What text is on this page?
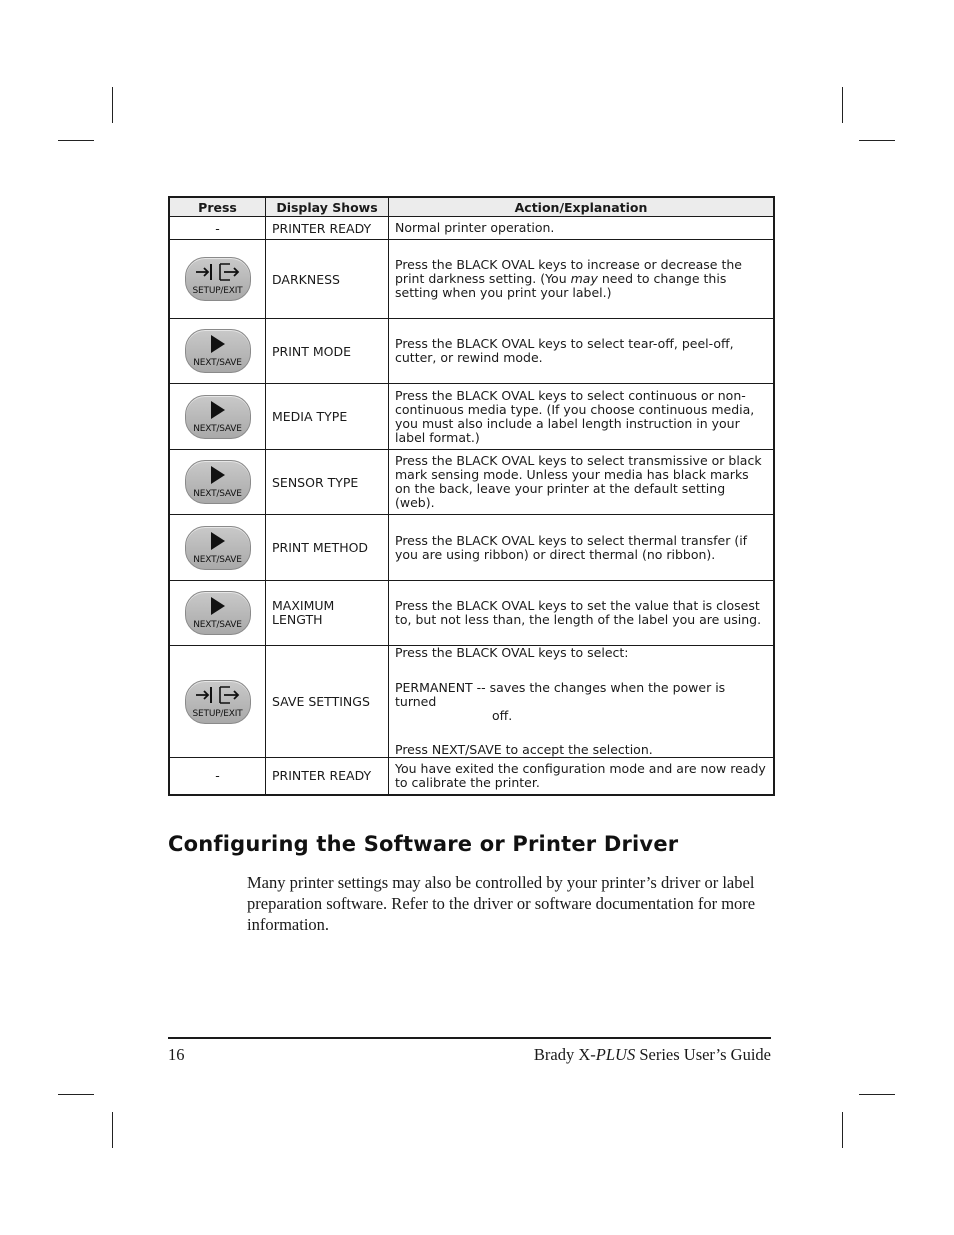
Press	Display Shows	Action/Explanation
-	PRINTER READY	Normal printer operation.

SETUP/EXIT	DARKNESS	Press the BLACK OVAL keys to increase or decrease the print darkness setting. (You may need to change this setting when you print your label.)

NEXT/SAVE	PRINT MODE	Press the BLACK OVAL keys to select tear-off, peel-off, cutter, or rewind mode.

NEXT/SAVE	MEDIA TYPE	Press the BLACK OVAL keys to select continuous or non-continuous media type. (If you choose continuous media, you must also include a label length instruction in your label format.)

NEXT/SAVE	SENSOR TYPE	Press the BLACK OVAL keys to select transmissive or black mark sensing mode. Unless your media has black marks on the back, leave your printer at the default setting (web).

NEXT/SAVE	PRINT METHOD	Press the BLACK OVAL keys to select thermal transfer (if you are using ribbon) or direct thermal (no ribbon).

NEXT/SAVE	MAXIMUM LENGTH	Press the BLACK OVAL keys to set the value that is closest to, but not less than, the length of the label you are using.

SETUP/EXIT	SAVE SETTINGS	Press the BLACK OVAL keys to select:
PERMANENT -- saves the changes when the power is turned
off.
Press NEXT/SAVE to accept the selection.

-	PRINTER READY	You have exited the configuration mode and are now ready to calibrate the printer.
Configuring the Software or Printer Driver

Many printer settings may also be controlled by your printer’s driver or label preparation software. Refer to the driver or software documentation for more information.

16	Brady X-PLUS Series User’s Guide
